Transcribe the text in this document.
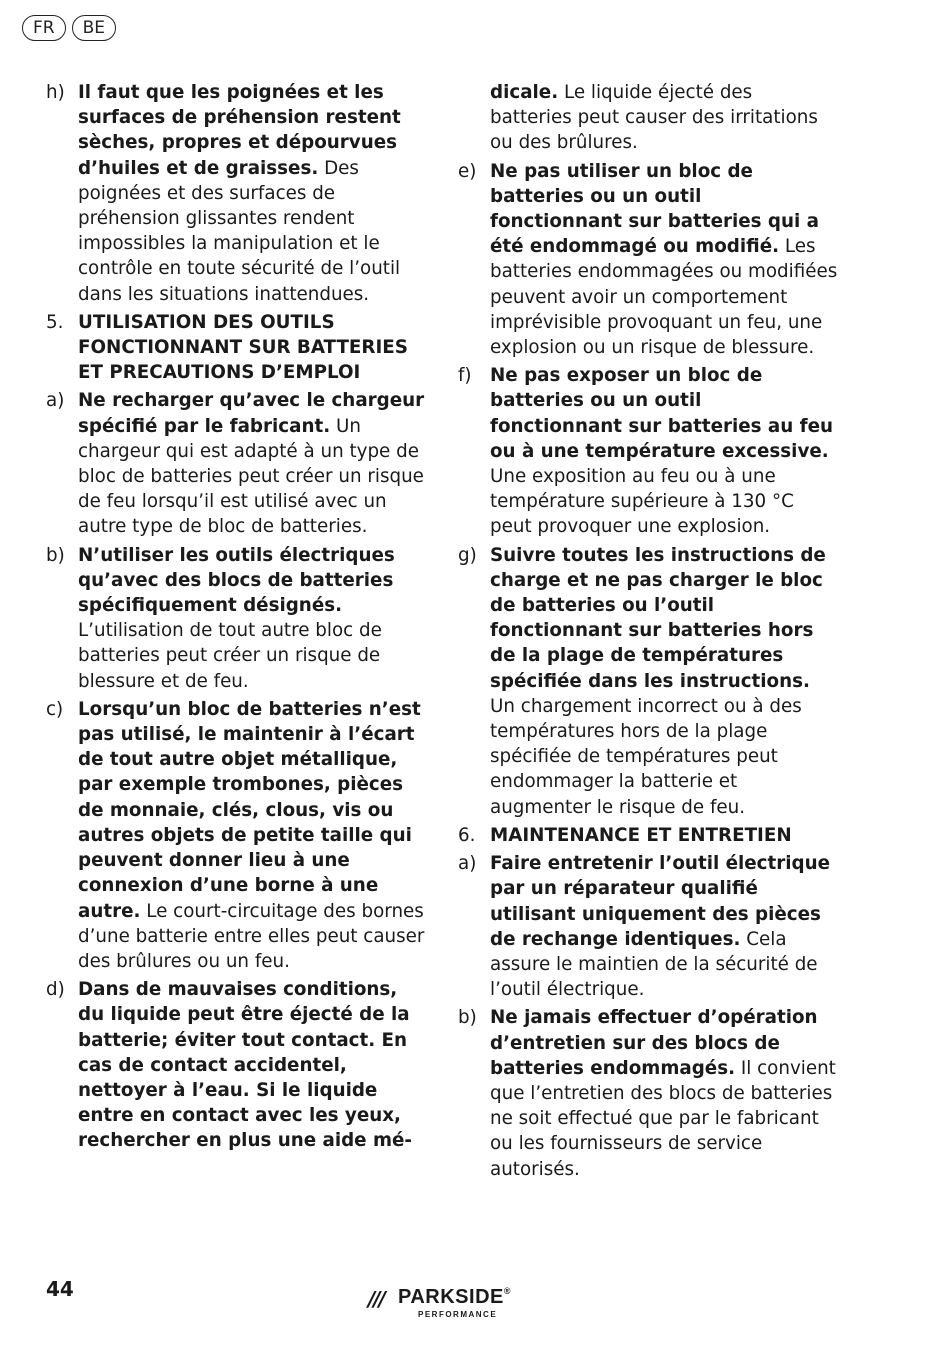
FR	BE
h) Il faut que les poignées et les surfaces de préhension restent sèches, propres et dépourvues d’huiles et de graisses. Des poignées et des surfaces de préhension glissantes rendent impossibles la manipulation et le contrôle en toute sécurité de l’outil dans les situations inattendues.
5. UTILISATION DES OUTILS FONCTIONNANT SUR BATTERIES ET PRECAUTIONS D’EMPLOI
a) Ne recharger qu’avec le chargeur spécifié par le fabricant. Un chargeur qui est adapté à un type de bloc de batteries peut créer un risque de feu lorsqu’il est utilisé avec un autre type de bloc de batteries.
b) N’utiliser les outils électriques qu’avec des blocs de batteries spécifiquement désignés. L’utilisation de tout autre bloc de batteries peut créer un risque de blessure et de feu.
c) Lorsqu’un bloc de batteries n’est pas utilisé, le maintenir à l’écart de tout autre objet métallique, par exemple trombones, pièces de monnaie, clés, clous, vis ou autres objets de petite taille qui peuvent donner lieu à une connexion d’une borne à une autre. Le court-circuitage des bornes d’une batterie entre elles peut causer des brûlures ou un feu.
d) Dans de mauvaises conditions, du liquide peut être éjecté de la batterie; éviter tout contact. En cas de contact accidentel, nettoyer à l’eau. Si le liquide entre en contact avec les yeux, rechercher en plus une aide mé-
dicale. Le liquide éjecté des batteries peut causer des irritations ou des brûlures.
e) Ne pas utiliser un bloc de batteries ou un outil fonctionnant sur batteries qui a été endommagé ou modifié. Les batteries endommagées ou modifiées peuvent avoir un comportement imprévisible provoquant un feu, une explosion ou un risque de blessure.
f)	Ne pas exposer un bloc de batteries ou un outil fonctionnant sur batteries au feu ou à une température excessive. Une exposition au feu ou à une température supérieure à 130 °C peut provoquer une explosion.
g) Suivre toutes les instructions de charge et ne pas charger le bloc de batteries ou l’outil fonctionnant sur batteries hors de la plage de températures spécifiée dans les instructions. Un chargement incorrect ou à des températures hors de la plage spécifiée de températures peut endommager la batterie et augmenter le risque de feu.
6. MAINTENANCE ET ENTRETIEN
a) Faire entretenir l’outil électrique par un réparateur qualifié utilisant uniquement des pièces de rechange identiques. Cela assure le maintien de la sécurité de l’outil électrique.
b) Ne jamais effectuer d’opération d’entretien sur des blocs de batteries endommagés. Il convient que l’entretien des blocs de batteries ne soit effectué que par le fabricant ou les fournisseurs de service autorisés.
44	/// PARKSIDE®
PERFORMANCE
